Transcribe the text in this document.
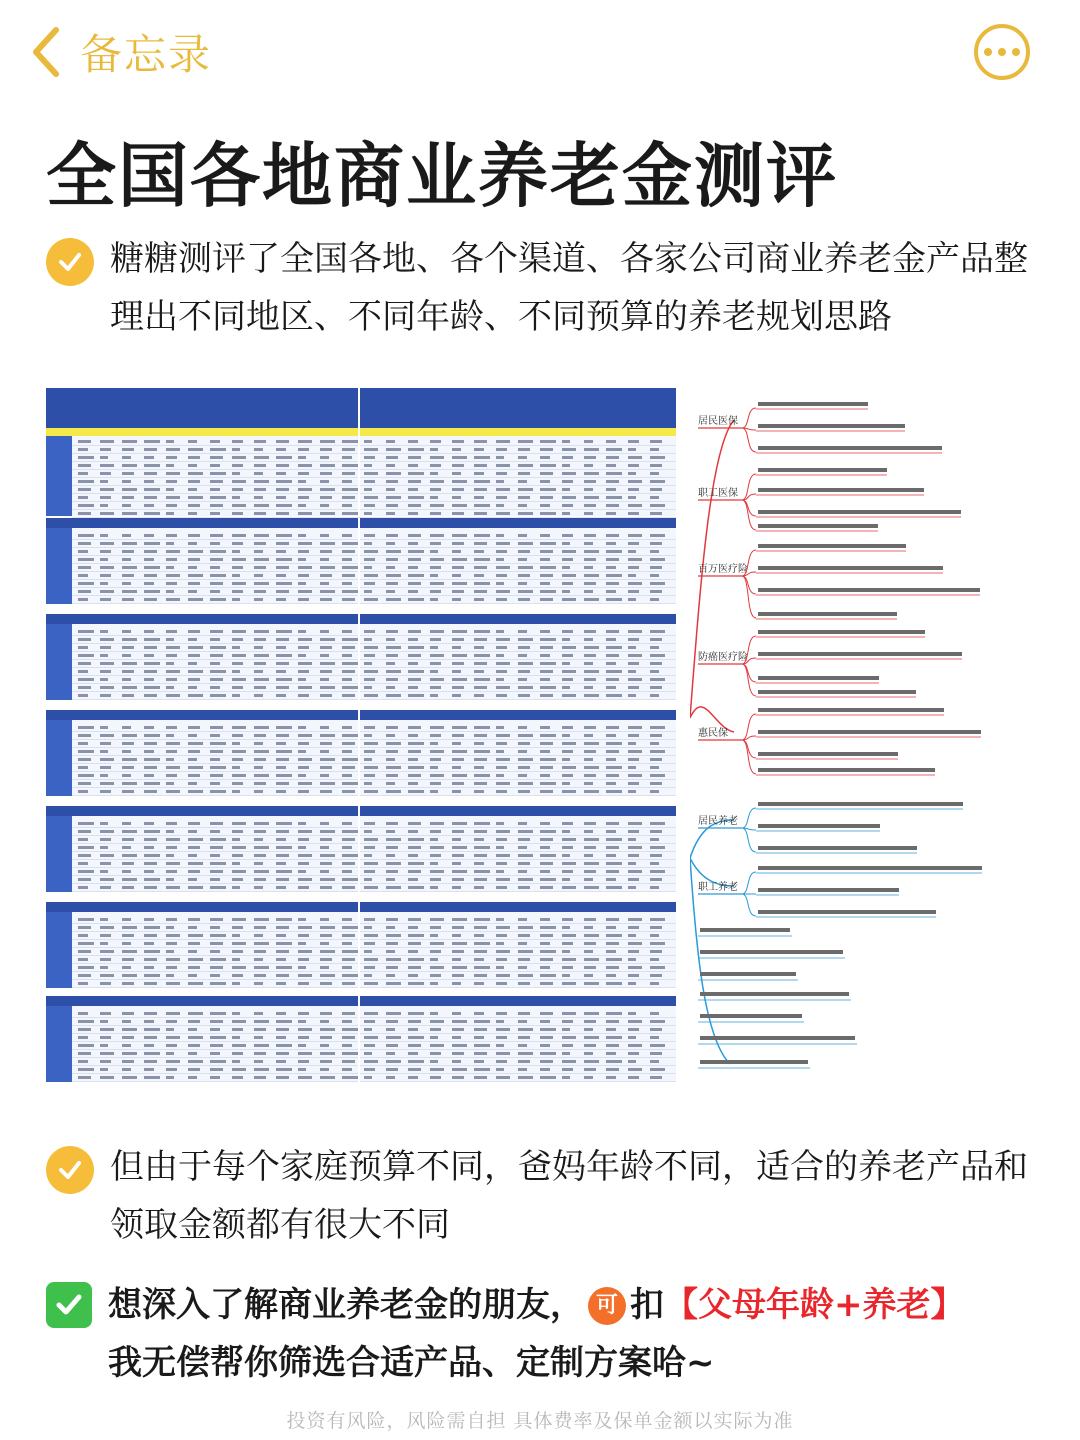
备忘录
全国各地商业养老金测评
糖糖测评了全国各地、各个渠道、各家公司商业养老金产品整理出不同地区、不同年龄、不同预算的养老规划思路
居民医保
职工医保
百万医疗险
防癌医疗险
惠民保
居民养老
职工养老
但由于每个家庭预算不同，爸妈年龄不同，适合的养老产品和领取金额都有很大不同
想深入了解商业养老金的朋友， 可 扣【父母年龄+养老】
我无偿帮你筛选合适产品、定制方案哈~
投资有风险，风险需自担 具体费率及保单金额以实际为准
